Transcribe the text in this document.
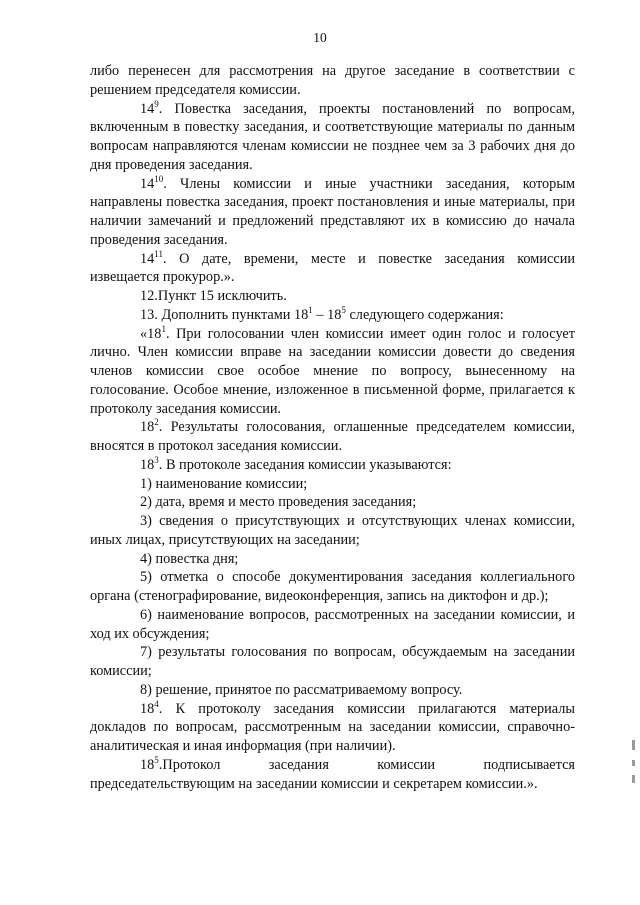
10

либо перенесен для рассмотрения на другое заседание в соответствии с решением председателя комиссии.

$14^9$. Повестка заседания, проекты постановлений по вопросам, включенным в повестку заседания, и соответствующие материалы по данным вопросам направляются членам комиссии не позднее чем за 3 рабочих дня до дня проведения заседания.

$14^{10}$. Члены комиссии и иные участники заседания, которым направлены повестка заседания, проект постановления и иные материалы, при наличии замечаний и предложений представляют их в комиссию до начала проведения заседания.

$14^{11}$. О дате, времени, месте и повестке заседания комиссии извещается прокурор.».

12.Пункт 15 исключить.

13. Дополнить пунктами $18^1 - 18^5$ следующего содержания:

«$18^1$. При голосовании член комиссии имеет один голос и голосует лично. Член комиссии вправе на заседании комиссии довести до сведения членов комиссии свое особое мнение по вопросу, вынесенному на голосование. Особое мнение, изложенное в письменной форме, прилагается к протоколу заседания комиссии.

$18^2$. Результаты голосования, оглашенные председателем комиссии, вносятся в протокол заседания комиссии.

$18^3$. В протоколе заседания комиссии указываются:

1) наименование комиссии;

2) дата, время и место проведения заседания;

3) сведения о присутствующих и отсутствующих членах комиссии, иных лицах, присутствующих на заседании;

4) повестка дня;

5) отметка о способе документирования заседания коллегиального органа (стенографирование, видеоконференция, запись на диктофон и др.);

6) наименование вопросов, рассмотренных на заседании комиссии, и ход их обсуждения;

7) результаты голосования по вопросам, обсуждаемым на заседании комиссии;

8) решение, принятое по рассматриваемому вопросу.

$18^4$. К протоколу заседания комиссии прилагаются материалы докладов по вопросам, рассмотренным на заседании комиссии, справочно-аналитическая и иная информация (при наличии).

$18^5.Протокол$ заседания комиссии подписывается председательствующим на заседании комиссии и секретарем комиссии.».
